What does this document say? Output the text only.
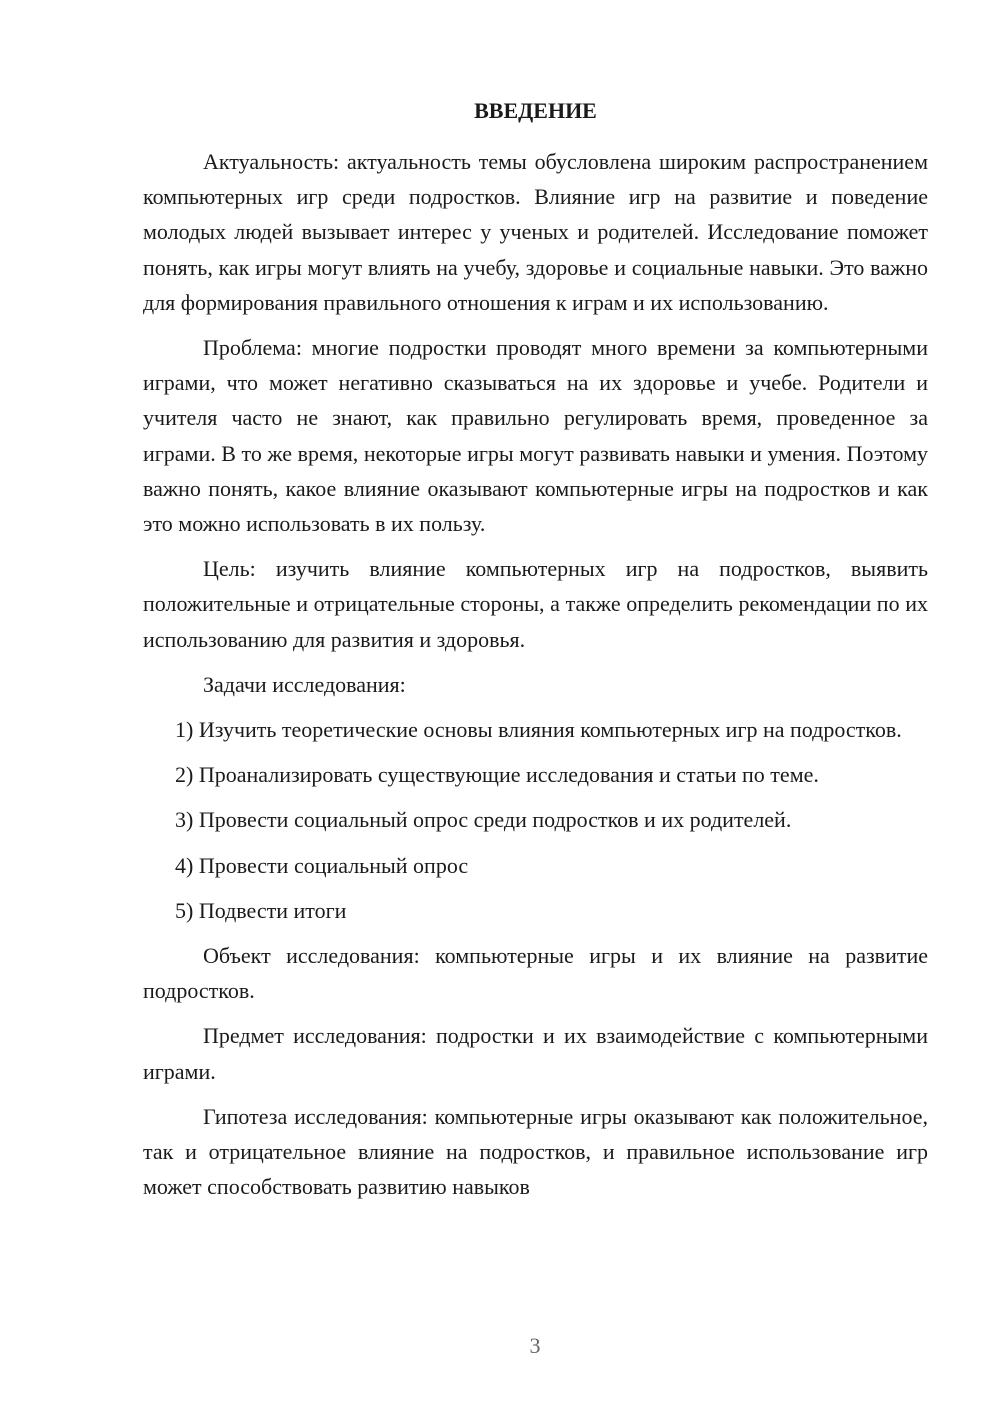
ВВЕДЕНИЕ

Актуальность: актуальность темы обусловлена широким распространением компьютерных игр среди подростков. Влияние игр на развитие и поведение молодых людей вызывает интерес у ученых и родителей. Исследование поможет понять, как игры могут влиять на учебу, здоровье и социальные навыки. Это важно для формирования правильного отношения к играм и их использованию.

Проблема: многие подростки проводят много времени за компьютерными играми, что может негативно сказываться на их здоровье и учебе. Родители и учителя часто не знают, как правильно регулировать время, проведенное за играми. В то же время, некоторые игры могут развивать навыки и умения. Поэтому важно понять, какое влияние оказывают компьютерные игры на подростков и как это можно использовать в их пользу.

Цель: изучить влияние компьютерных игр на подростков, выявить положительные и отрицательные стороны, а также определить рекомендации по их использованию для развития и здоровья.

Задачи исследования:

1) Изучить теоретические основы влияния компьютерных игр на подростков.

2) Проанализировать существующие исследования и статьи по теме.

3) Провести социальный опрос среди подростков и их родителей.

4) Провести социальный опрос

5) Подвести итоги

Объект исследования: компьютерные игры и их влияние на развитие подростков.

Предмет исследования: подростки и их взаимодействие с компьютерными играми.

Гипотеза исследования: компьютерные игры оказывают как положительное, так и отрицательное влияние на подростков, и правильное использование игр может способствовать развитию навыков

3
